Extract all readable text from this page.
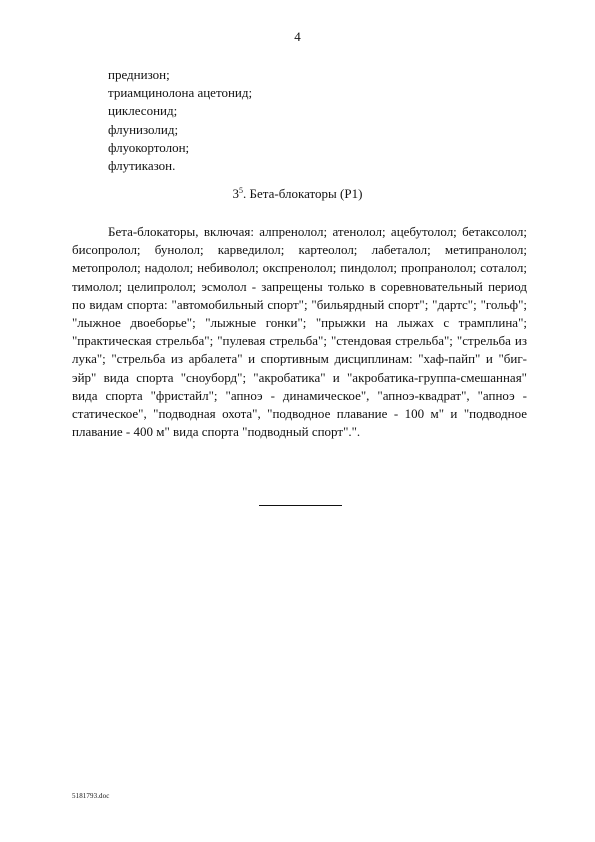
4
преднизон;
триамцинолона ацетонид;
циклесонид;
флунизолид;
флуокортолон;
флутиказон.
$3^5$. Бета-блокаторы (Р1)

Бета-блокаторы, включая: алпренолол; атенолол; ацебутолол; бетаксолол; бисопролол; бунолол; карведилол; картеолол; лабеталол; метипранолол; метопролол; надолол; небиволол; окспренолол; пиндолол; пропранолол; соталол; тимолол; целипролол; эсмолол - запрещены только в соревновательный период по видам спорта: "автомобильный спорт"; "бильярдный спорт"; "дартс"; "гольф"; "лыжное двоеборье"; "лыжные гонки"; "прыжки на лыжах с трамплина"; "практическая стрельба"; "пулевая стрельба"; "стендовая стрельба"; "стрельба из лука"; "стрельба из арбалета" и спортивным дисциплинам: "хаф-пайп" и "биг-эйр" вида спорта "сноуборд"; "акробатика" и "акробатика-группа-смешанная" вида спорта "фристайл"; "апноэ - динамическое", "апноэ-квадрат", "апноэ - статическое", "подводная охота", "подводное плавание - 100 м" и "подводное плавание - 400 м" вида спорта "подводный спорт".".

5181793.doc
